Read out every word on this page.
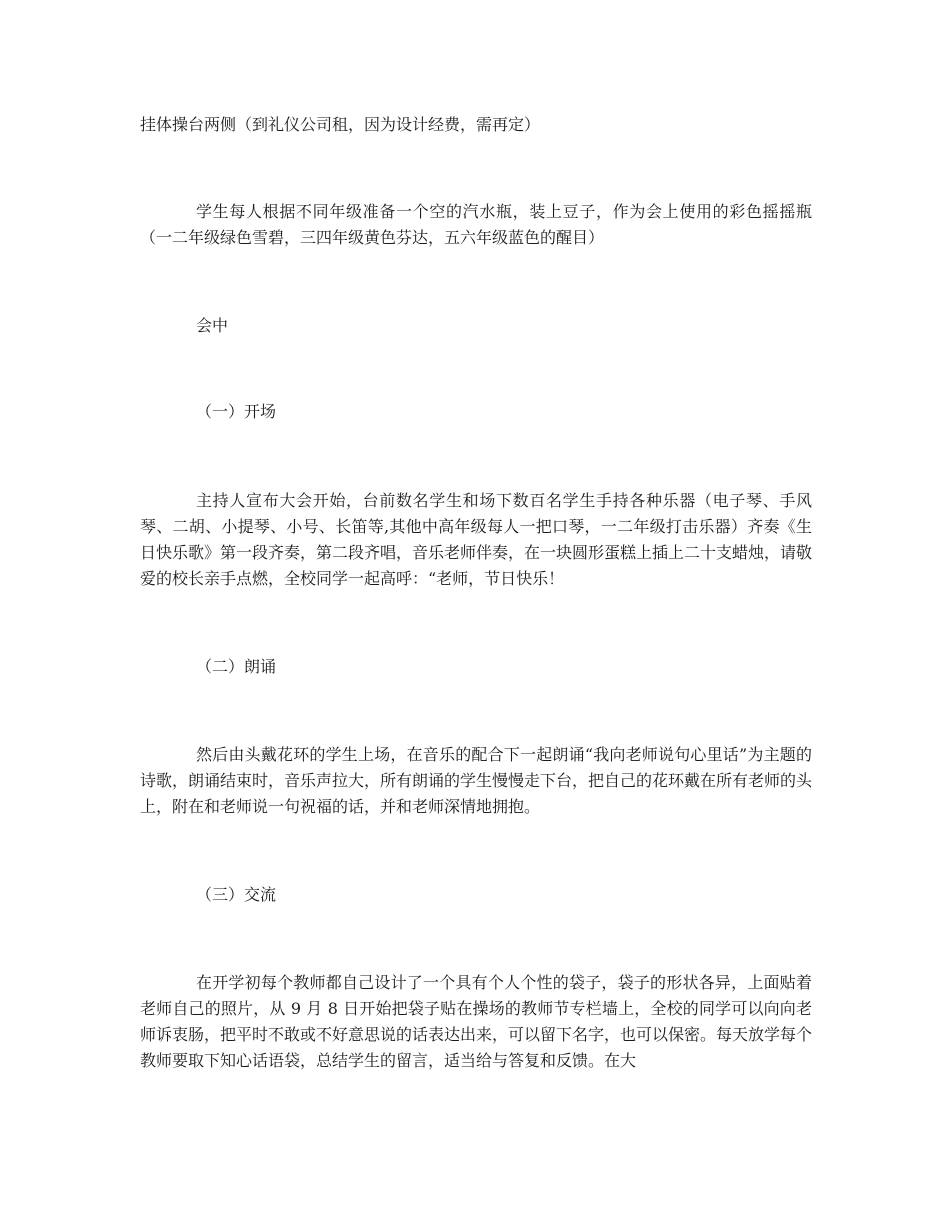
挂体操台两侧（到礼仪公司租，因为设计经费，需再定）

学生每人根据不同年级准备一个空的汽水瓶，装上豆子，作为会上使用的彩色摇摇瓶（一二年级绿色雪碧，三四年级黄色芬达，五六年级蓝色的醒目）

会中

（一）开场

主持人宣布大会开始，台前数名学生和场下数百名学生手持各种乐器（电子琴、手风琴、二胡、小提琴、小号、长笛等,其他中高年级每人一把口琴，一二年级打击乐器）齐奏《生日快乐歌》第一段齐奏，第二段齐唱，音乐老师伴奏，在一块圆形蛋糕上插上二十支蜡烛，请敬爱的校长亲手点燃，全校同学一起高呼：“老师，节日快乐！

（二）朗诵

然后由头戴花环的学生上场，在音乐的配合下一起朗诵“我向老师说句心里话”为主题的诗歌，朗诵结束时，音乐声拉大，所有朗诵的学生慢慢走下台，把自己的花环戴在所有老师的头上，附在和老师说一句祝福的话，并和老师深情地拥抱。

（三）交流

在开学初每个教师都自己设计了一个具有个人个性的袋子，袋子的形状各异，上面贴着老师自己的照片，从 9 月 8 日开始把袋子贴在操场的教师节专栏墙上，全校的同学可以向向老师诉衷肠，把平时不敢或不好意思说的话表达出来，可以留下名字，也可以保密。每天放学每个教师要取下知心话语袋，总结学生的留言，适当给与答复和反馈。在大
